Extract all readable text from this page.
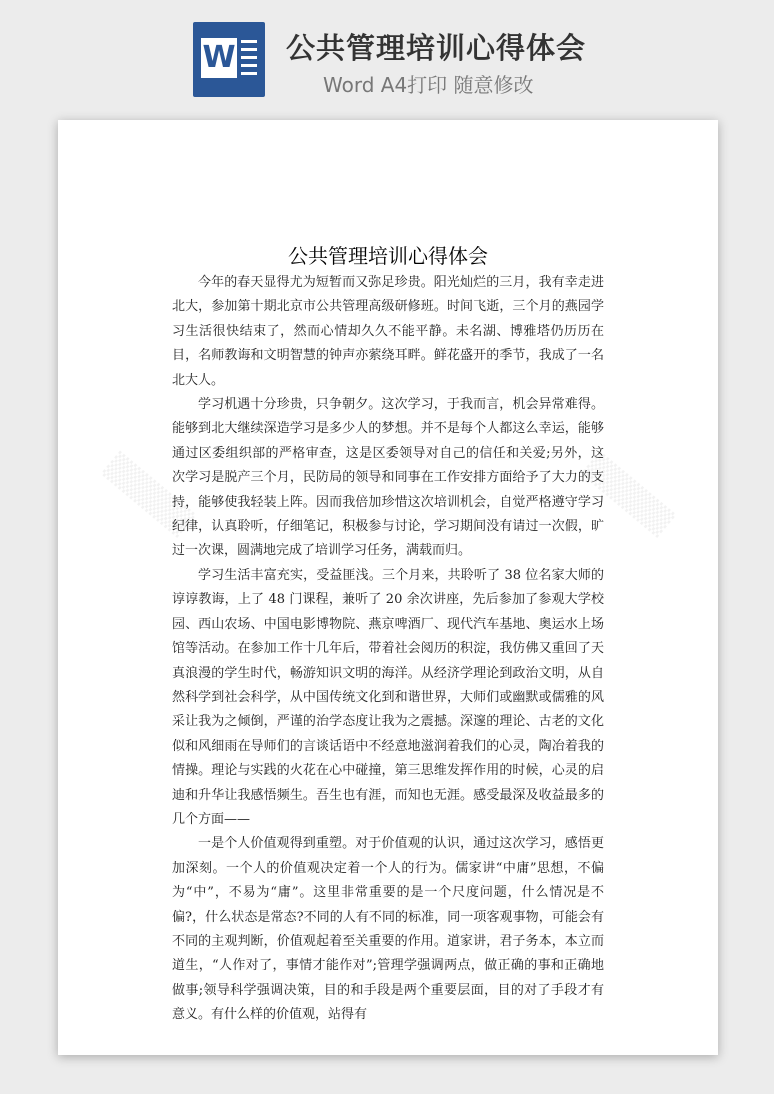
W 公共管理培训心得体会
Word A4打印 随意修改
▒▒▒▒▒	▒▒▒▒▒
公共管理培训心得体会

今年的春天显得尤为短暂而又弥足珍贵。阳光灿烂的三月，我有幸走进北大，参加第十期北京市公共管理高级研修班。时间飞逝，三个月的燕园学习生活很快结束了，然而心情却久久不能平静。未名湖、博雅塔仍历历在目，名师教诲和文明智慧的钟声亦萦绕耳畔。鲜花盛开的季节，我成了一名北大人。

学习机遇十分珍贵，只争朝夕。这次学习，于我而言，机会异常难得。能够到北大继续深造学习是多少人的梦想。并不是每个人都这么幸运，能够通过区委组织部的严格审查，这是区委领导对自己的信任和关爱;另外，这次学习是脱产三个月，民防局的领导和同事在工作安排方面给予了大力的支持，能够使我轻装上阵。因而我倍加珍惜这次培训机会，自觉严格遵守学习纪律，认真聆听，仔细笔记，积极参与讨论，学习期间没有请过一次假，旷过一次课，圆满地完成了培训学习任务，满载而归。

学习生活丰富充实，受益匪浅。三个月来，共聆听了 38 位名家大师的谆谆教诲，上了 48 门课程，兼听了 20 余次讲座，先后参加了参观大学校园、西山农场、中国电影博物院、燕京啤酒厂、现代汽车基地、奥运水上场馆等活动。在参加工作十几年后，带着社会阅历的积淀，我仿佛又重回了天真浪漫的学生时代，畅游知识文明的海洋。从经济学理论到政治文明，从自然科学到社会科学，从中国传统文化到和谐世界，大师们或幽默或儒雅的风采让我为之倾倒，严谨的治学态度让我为之震撼。深邃的理论、古老的文化似和风细雨在导师们的言谈话语中不经意地滋润着我们的心灵，陶冶着我的情操。理论与实践的火花在心中碰撞，第三思维发挥作用的时候，心灵的启迪和升华让我感悟频生。吾生也有涯，而知也无涯。感受最深及收益最多的几个方面——

一是个人价值观得到重塑。对于价值观的认识，通过这次学习，感悟更加深刻。一个人的价值观决定着一个人的行为。儒家讲“中庸”思想，不偏为“中”，不易为“庸”。这里非常重要的是一个尺度问题，什么情况是不偏?，什么状态是常态?不同的人有不同的标准，同一项客观事物，可能会有不同的主观判断，价值观起着至关重要的作用。道家讲，君子务本，本立而道生，“人作对了，事情才能作对”;管理学强调两点，做正确的事和正确地做事;领导科学强调决策，目的和手段是两个重要层面，目的对了手段才有意义。有什么样的价值观，站得有
